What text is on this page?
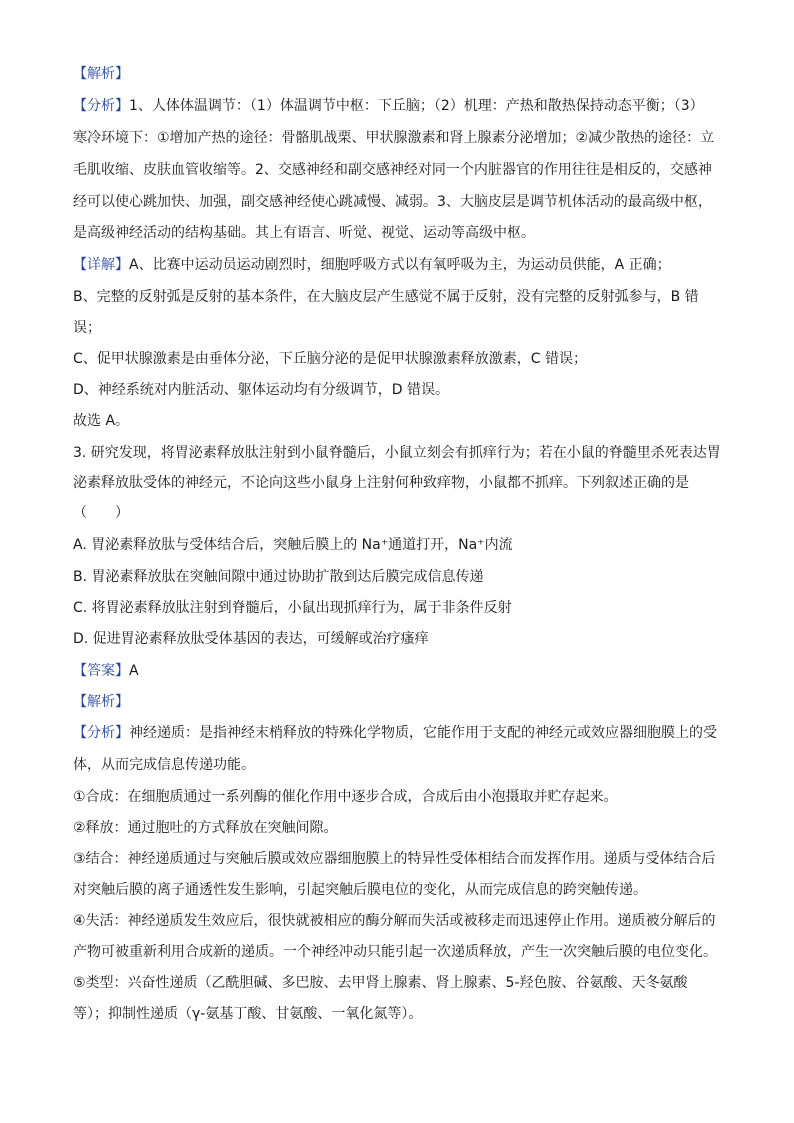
【解析】
【分析】1、人体体温调节：（1）体温调节中枢：下丘脑；（2）机理：产热和散热保持动态平衡；（3）
寒冷环境下：①增加产热的途径：骨骼肌战栗、甲状腺激素和肾上腺素分泌增加；②减少散热的途径：立
毛肌收缩、皮肤血管收缩等。2、交感神经和副交感神经对同一个内脏器官的作用往往是相反的，交感神
经可以使心跳加快、加强，副交感神经使心跳减慢、减弱。3、大脑皮层是调节机体活动的最高级中枢，
是高级神经活动的结构基础。其上有语言、听觉、视觉、运动等高级中枢。
【详解】A、比赛中运动员运动剧烈时，细胞呼吸方式以有氧呼吸为主，为运动员供能，A 正确；
B、完整的反射弧是反射的基本条件，在大脑皮层产生感觉不属于反射，没有完整的反射弧参与，B 错
误；
C、促甲状腺激素是由垂体分泌，下丘脑分泌的是促甲状腺激素释放激素，C 错误；
D、神经系统对内脏活动、躯体运动均有分级调节，D 错误。
故选 A。
3. 研究发现，将胃泌素释放肽注射到小鼠脊髓后，小鼠立刻会有抓痒行为；若在小鼠的脊髓里杀死表达胃
泌素释放肽受体的神经元，不论向这些小鼠身上注射何种致痒物，小鼠都不抓痒。下列叙述正确的是
（　　）
A. 胃泌素释放肽与受体结合后，突触后膜上的 Na⁺通道打开，Na⁺内流
B. 胃泌素释放肽在突触间隙中通过协助扩散到达后膜完成信息传递
C. 将胃泌素释放肽注射到脊髓后，小鼠出现抓痒行为，属于非条件反射
D. 促进胃泌素释放肽受体基因的表达，可缓解或治疗瘙痒
【答案】A
【解析】
【分析】神经递质：是指神经末梢释放的特殊化学物质，它能作用于支配的神经元或效应器细胞膜上的受
体，从而完成信息传递功能。
①合成：在细胞质通过一系列酶的催化作用中逐步合成，合成后由小泡摄取并贮存起来。
②释放：通过胞吐的方式释放在突触间隙。
③结合：神经递质通过与突触后膜或效应器细胞膜上的特异性受体相结合而发挥作用。递质与受体结合后
对突触后膜的离子通透性发生影响，引起突触后膜电位的变化，从而完成信息的跨突触传递。
④失活：神经递质发生效应后，很快就被相应的酶分解而失活或被移走而迅速停止作用。递质被分解后的
产物可被重新利用合成新的递质。一个神经冲动只能引起一次递质释放，产生一次突触后膜的电位变化。
⑤类型：兴奋性递质（乙酰胆碱、多巴胺、去甲肾上腺素、肾上腺素、5-羟色胺、谷氨酸、天冬氨酸
等）；抑制性递质（γ-氨基丁酸、甘氨酸、一氧化氮等）。
